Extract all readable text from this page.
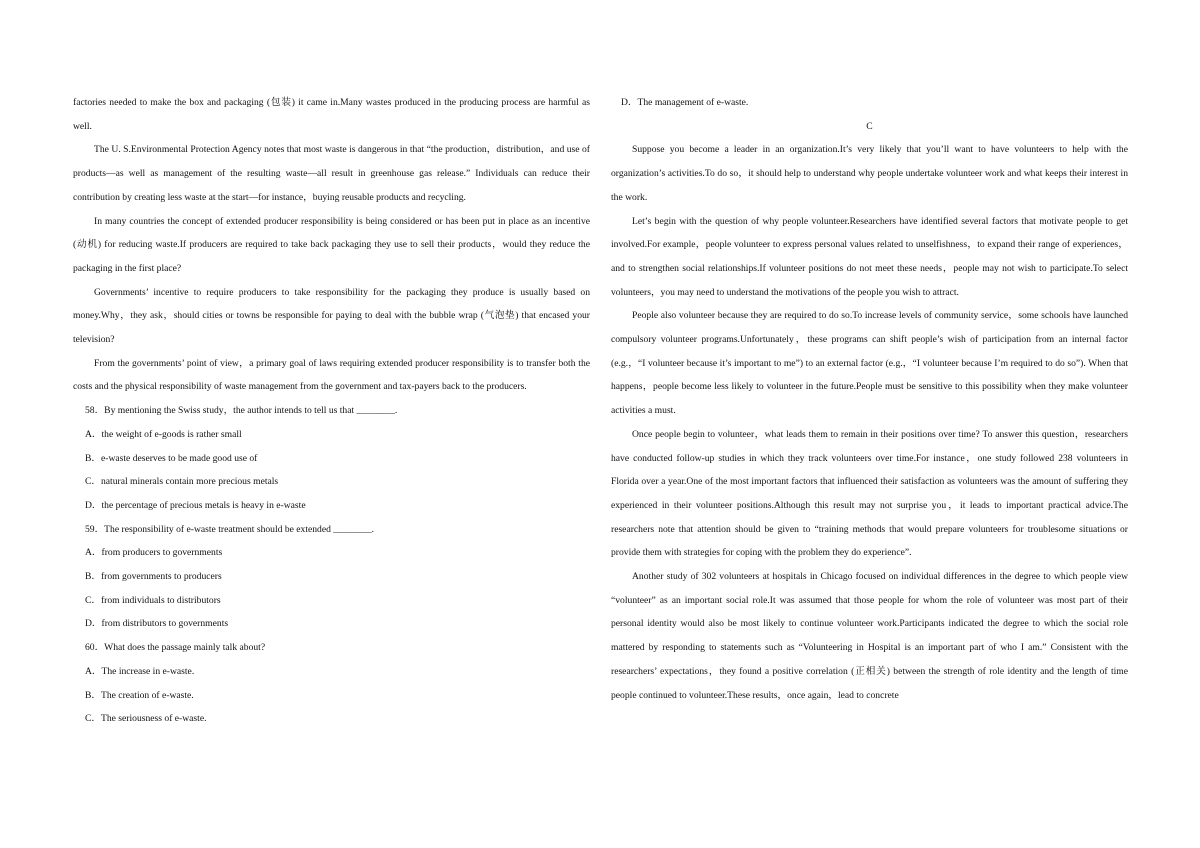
factories needed to make the box and packaging (包装) it came in.Many wastes produced in the producing process are harmful as well.

The U. S.Environmental Protection Agency notes that most waste is dangerous in that “the production，distribution，and use of products—as well as management of the resulting waste—all result in greenhouse gas release.” Individuals can reduce their contribution by creating less waste at the start—for instance，buying reusable products and recycling.

In many countries the concept of extended producer responsibility is being considered or has been put in place as an incentive (动机) for reducing waste.If producers are required to take back packaging they use to sell their products，would they reduce the packaging in the first place?

Governments’ incentive to require producers to take responsibility for the packaging they produce is usually based on money.Why，they ask，should cities or towns be responsible for paying to deal with the bubble wrap (气泡垫) that encased your television?

From the governments’ point of view，a primary goal of laws requiring extended producer responsibility is to transfer both the costs and the physical responsibility of waste management from the government and tax-payers back to the producers.

58．By mentioning the Swiss study，the author intends to tell us that ________.

A．the weight of e-goods is rather small

B．e-waste deserves to be made good use of

C．natural minerals contain more precious metals

D．the percentage of precious metals is heavy in e-waste

59．The responsibility of e-waste treatment should be extended ________.

A．from producers to governments

B．from governments to producers

C．from individuals to distributors

D．from distributors to governments

60．What does the passage mainly talk about?

A．The increase in e-waste.

B．The creation of e-waste.

C．The seriousness of e-waste.

D．The management of e-waste.

C

Suppose you become a leader in an organization.It’s very likely that you’ll want to have volunteers to help with the organization’s activities.To do so，it should help to understand why people undertake volunteer work and what keeps their interest in the work.

Let’s begin with the question of why people volunteer.Researchers have identified several factors that motivate people to get involved.For example，people volunteer to express personal values related to unselfishness，to expand their range of experiences，and to strengthen social relationships.If volunteer positions do not meet these needs，people may not wish to participate.To select volunteers，you may need to understand the motivations of the people you wish to attract.

People also volunteer because they are required to do so.To increase levels of community service，some schools have launched compulsory volunteer programs.Unfortunately，these programs can shift people’s wish of participation from an internal factor (e.g.，“I volunteer because it’s important to me”) to an external factor (e.g.，“I volunteer because I’m required to do so”). When that happens，people become less likely to volunteer in the future.People must be sensitive to this possibility when they make volunteer activities a must.

Once people begin to volunteer，what leads them to remain in their positions over time? To answer this question，researchers have conducted follow-up studies in which they track volunteers over time.For instance，one study followed 238 volunteers in Florida over a year.One of the most important factors that influenced their satisfaction as volunteers was the amount of suffering they experienced in their volunteer positions.Although this result may not surprise you，it leads to important practical advice.The researchers note that attention should be given to “training methods that would prepare volunteers for troublesome situations or provide them with strategies for coping with the problem they do experience”.

Another study of 302 volunteers at hospitals in Chicago focused on individual differences in the degree to which people view “volunteer” as an important social role.It was assumed that those people for whom the role of volunteer was most part of their personal identity would also be most likely to continue volunteer work.Participants indicated the degree to which the social role mattered by responding to statements such as “Volunteering in Hospital is an important part of who I am.” Consistent with the researchers’ expectations，they found a positive correlation (正相关) between the strength of role identity and the length of time people continued to volunteer.These results，once again，lead to concrete
